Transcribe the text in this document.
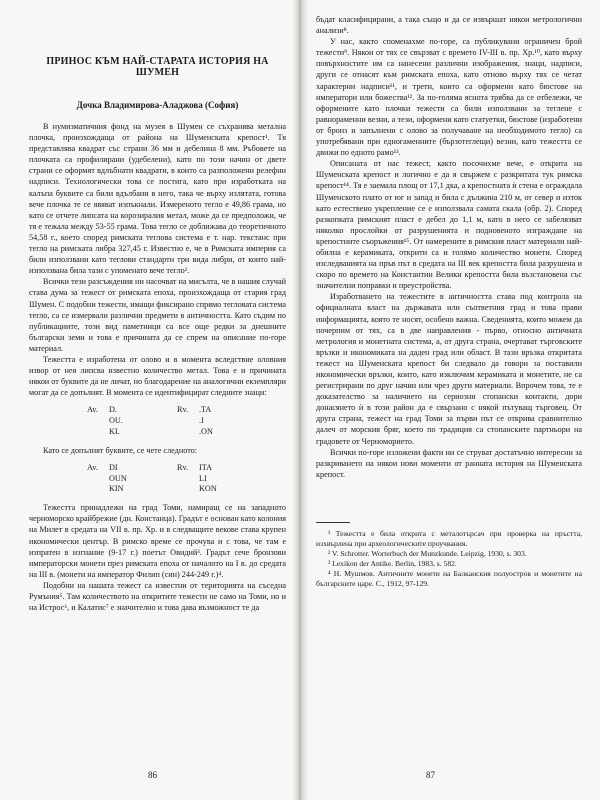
ПРИНОС КЪМ НАЙ-СТАРАТА ИСТОРИЯ НА ШУМЕН
Дочка Владимирова-Аладжова (София)

В нумизматичния фонд на музея в Шумен се съхранява метална плочка, произхождаща от района на Шуменската крепост¹. Тя представлява квадрат със страни 36 мм и дебелина 8 мм. Ръбовете на плочката са профилирани (удебелени), като по този начин от двете страни се оформят вдлъбнати квадрати, в които са разположени релефни надписи. Технологически това се постига, като при изработката на калъпа буквите са били вдълбани в него, така че върху излятата, готова вече плочка те се явяват изпъкнали. Измереното тегло е 49,86 грама, но като се отчете липсата на корозиралия метал, може да се предположи, че тя е тежала между 53-55 грама. Това тегло се доближава до теоретичното 54,58 г., което според римската теглова система е т. нар. текстанс при тегло на римската либра 327,45 г. Известно е, че в Римската империя са били използвани като теглови стандарти три вида либри, от които най-използвана била тази с упоменато вече тегло².

Всички тези разсъждения ни насочват на мисълта, че в нашия случай става дума за тежест от римската епоха, произхождаща от стария град Шумен. С подобни тежести, имащи фиксирано спрямо тегловата система тегло, са се измервали различни предмети в античността. Като съдим по публикациите, този вид паметници са все още редки за днешните български земи и това е причината да се спрем на описание по-горе материал.

Тежестта е изработена от олово и в момента вследствие оловния извор от нея липсва известно количество метал. Това е и причината някои от буквите да не личат, но благодарение на аналогични екземпляри могат да се допълнят. В момента се идентифицират следните знаци:

Av.	D.	Rv.	.TA
	OU.		.I
	KI.		.ON

Като се допълнят буквите, се чете следното:

Av.	DI	Rv.	ITA
	OUN		LI
	KIN		KON

Тежестта принадлежи на град Томи, намиращ се на западното черноморско крайбрежие (дн. Констанца). Градът е основан като колония на Милет в средата на VII в. пр. Хр. и в следващите векове става крупен икономически център. В римско време се прочува и с това, че там е изпратен в изгнание (9-17 г.) поетът Овидий³. Градът сече бронзови императорски монети през римската епоха от началото на I в. до средата на III в. (монети на император Филип (син) 244-249 г.)⁴.

Подобни на нашата тежест са известни от територията на съседна Румъния⁵. Там количеството на откритите тежести не само на Томи, но и на Истрос⁶, и Калатис⁷ е значително и това дава възможност те да

86

бъдат класифицирани, а така също и да се извършат някои метрологични анализи⁸.

У нас, както споменахме по-горе, са публикувани ограничен брой тежести⁹. Някои от тях се свързват с времето IV-III в. пр. Хр.¹⁰, като върху повърхностите им са нанесени различни изображения, знаци, надписи, други се отнасят към римската епоха, като отново върху тях се четат характерни надписи¹¹, и трети, които са оформени като бюстове на императори или божества¹². За по-голяма яснота трябва да се отбележи, че оформените като плочки тежести са били използвани за теглене с равнораменни везни, а тези, оформени като статуетки, бюстове (изработени от бронз и запълнени с олово за получаване на необходимото тегло) са употребявани при едногаменните (бързотеглещи) везни, като тежестта се движи по едното рамо¹³.

Описаната от нас тежест, както посочихме вече, е открита на Шуменската крепост и логично е да я свържем с разкритата тук римска крепост¹⁴. Тя е заемала площ от 17,1 дка, а крепостната ѝ стена е ограждала Шуменското плато от юг и запад и била с дължина 210 м, от север и изток като естествено укрепление се е използвала самата скала (обр. 2). Според разкопката римският пласт е дебел до 1,1 м, като в него се забелязват няколко прослойки от разрушенията и подновеното изграждане на крепостните съоръжения¹⁵. От намерените в римския пласт материали най-обилна е керамиката, открити са и голямо количество монети. Според изследванията на пръв път в средата на III век крепостта била разрушена и скоро по времето на Константин Велики крепостта била възстановена със значителни поправки и преустройства.

Изработването на тежестите в античността става под контрола на официалната власт на държавата или съответния град и това прави информацията, която те носят, особено важна. Сведенията, които можем да почерпим от тях, са в две направления - първо, относно античната метрология и монетната система, а, от друга страна, очертават търговските връзки и икономиката на даден град или област. В тази връзка откритата тежест на Шуменската крепост би следвало да говори за поставили икономически връзки, които, като изключим керамиката и монетите, не са регистрирани по друг начин или чрез други материали. Впрочем това, те е доказателство за наличието на сериозни стопански контакти, дори донасянето ѝ в този район да е свързано с някой пътуващ търговец. От друга страна, тежест на град Томи за първи път се открива сравнително далеч от морския бряг, което по традиция са стопанските партньори на градовете от Черноморието.

Всички по-горе изложени факти ни се струват достатъчно интересни за разкриването на някои нови моменти от ранната история на Шуменската крепост.

¹ Тежестта е била открита с металотърсач при проверка на пръстта, изхвърлена при археологическите проучвания.

² V. Schrotter. Worterbuch der Munzkunde. Leipzig, 1930, s. 303.

³ Lexikon der Antike. Berlin, 1983, s. 582.

⁴ Н. Мушмов. Античните монети на Балканския полуостров и монетите на българските царе. С., 1912, 97-129.

87
